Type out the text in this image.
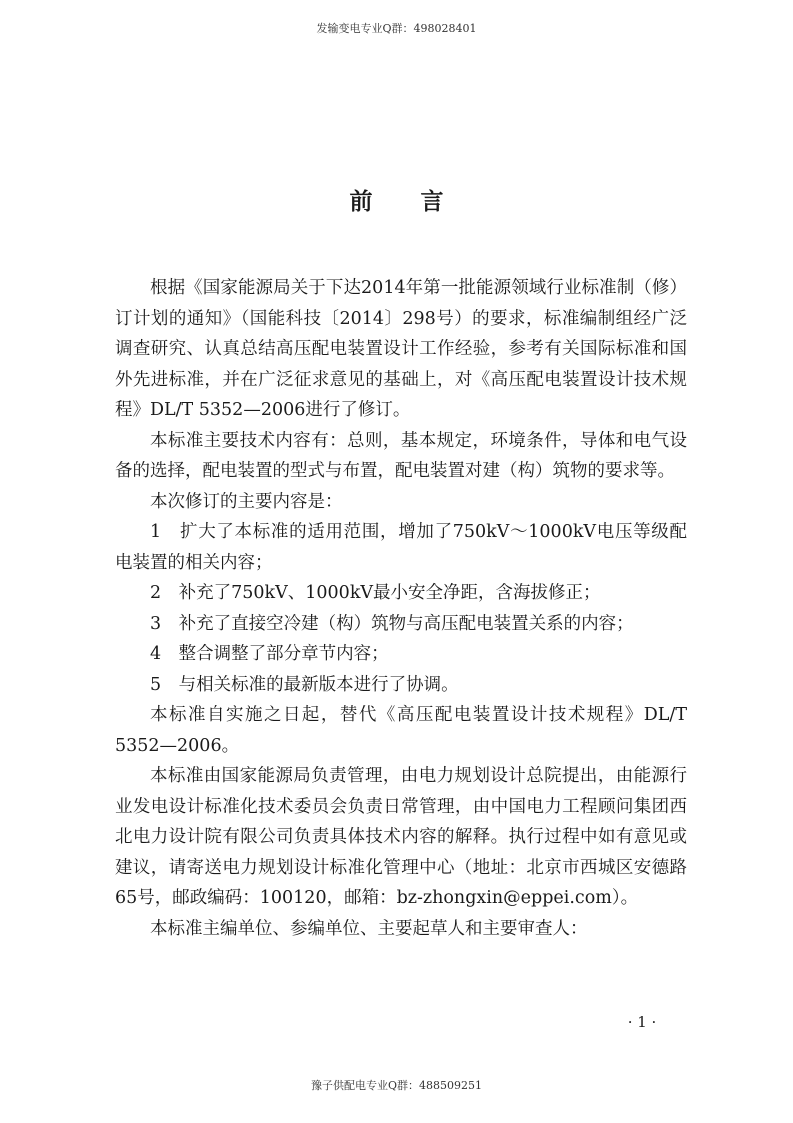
发输变电专业Q群：498028401
前言

根据《国家能源局关于下达2014年第一批能源领域行业标准制（修）订计划的通知》（国能科技〔2014〕298号）的要求，标准编制组经广泛调查研究、认真总结高压配电装置设计工作经验，参考有关国际标准和国外先进标准，并在广泛征求意见的基础上，对《高压配电装置设计技术规程》DL/T 5352—2006进行了修订。

本标准主要技术内容有：总则，基本规定，环境条件，导体和电气设备的选择，配电装置的型式与布置，配电装置对建（构）筑物的要求等。

本次修订的主要内容是：

1　扩大了本标准的适用范围，增加了750kV～1000kV电压等级配电装置的相关内容；

2　补充了750kV、1000kV最小安全净距，含海拔修正；

3　补充了直接空冷建（构）筑物与高压配电装置关系的内容；

4　整合调整了部分章节内容；

5　与相关标准的最新版本进行了协调。

本标准自实施之日起，替代《高压配电装置设计技术规程》DL/T 5352—2006。

本标准由国家能源局负责管理，由电力规划设计总院提出，由能源行业发电设计标准化技术委员会负责日常管理，由中国电力工程顾问集团西北电力设计院有限公司负责具体技术内容的解释。执行过程中如有意见或建议，请寄送电力规划设计标准化管理中心（地址：北京市西城区安德路65号，邮政编码：100120，邮箱：bz-zhongxin@eppei.com）。

本标准主编单位、参编单位、主要起草人和主要审查人：

· 1 ·
豫子供配电专业Q群：488509251
